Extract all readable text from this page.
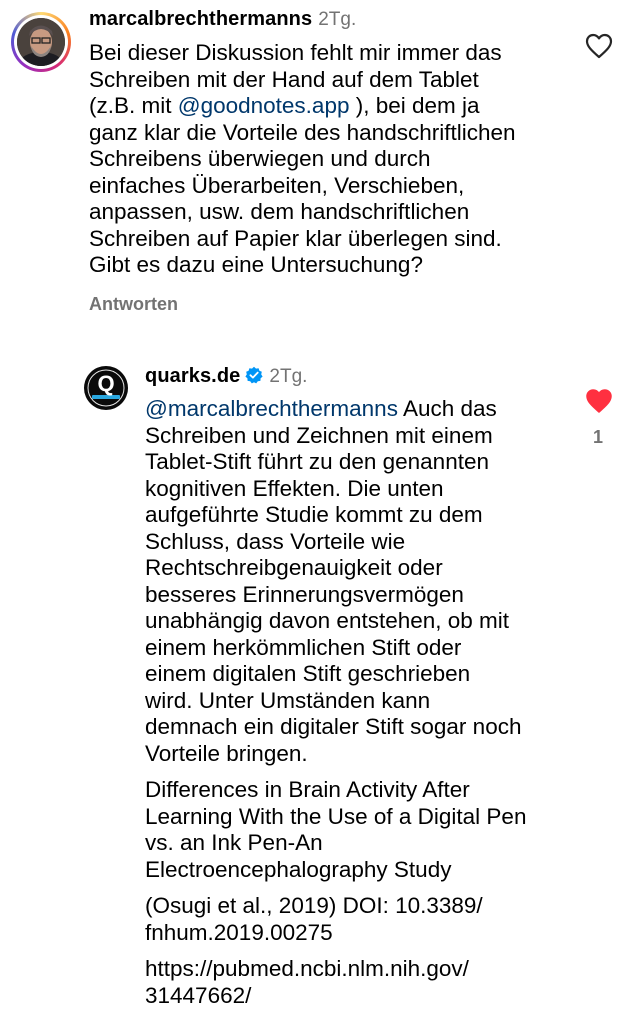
marcalbrechthermanns 2Tg.
Bei dieser Diskussion fehlt mir immer das
Schreiben mit der Hand auf dem Tablet
(z.B. mit @goodnotes.app ), bei dem ja
ganz klar die Vorteile des handschriftlichen
Schreibens überwiegen und durch
einfaches Überarbeiten, Verschieben,
anpassen, usw. dem handschriftlichen
Schreiben auf Papier klar überlegen sind.
Gibt es dazu eine Untersuchung?
Antworten
Q	quarks.de 2Tg.
@marcalbrechthermanns Auch das
Schreiben und Zeichnen mit einem
Tablet-Stift führt zu den genannten
kognitiven Effekten. Die unten
aufgeführte Studie kommt zu dem
Schluss, dass Vorteile wie
Rechtschreibgenauigkeit oder
besseres Erinnerungsvermögen
unabhängig davon entstehen, ob mit
einem herkömmlichen Stift oder
einem digitalen Stift geschrieben
wird. Unter Umständen kann
demnach ein digitaler Stift sogar noch
Vorteile bringen.
Differences in Brain Activity After
Learning With the Use of a Digital Pen
vs. an Ink Pen-An
Electroencephalography Study
(Osugi et al., 2019) DOI: 10.3389/
fnhum.2019.00275
https://pubmed.ncbi.nlm.nih.gov/
31447662/
1
